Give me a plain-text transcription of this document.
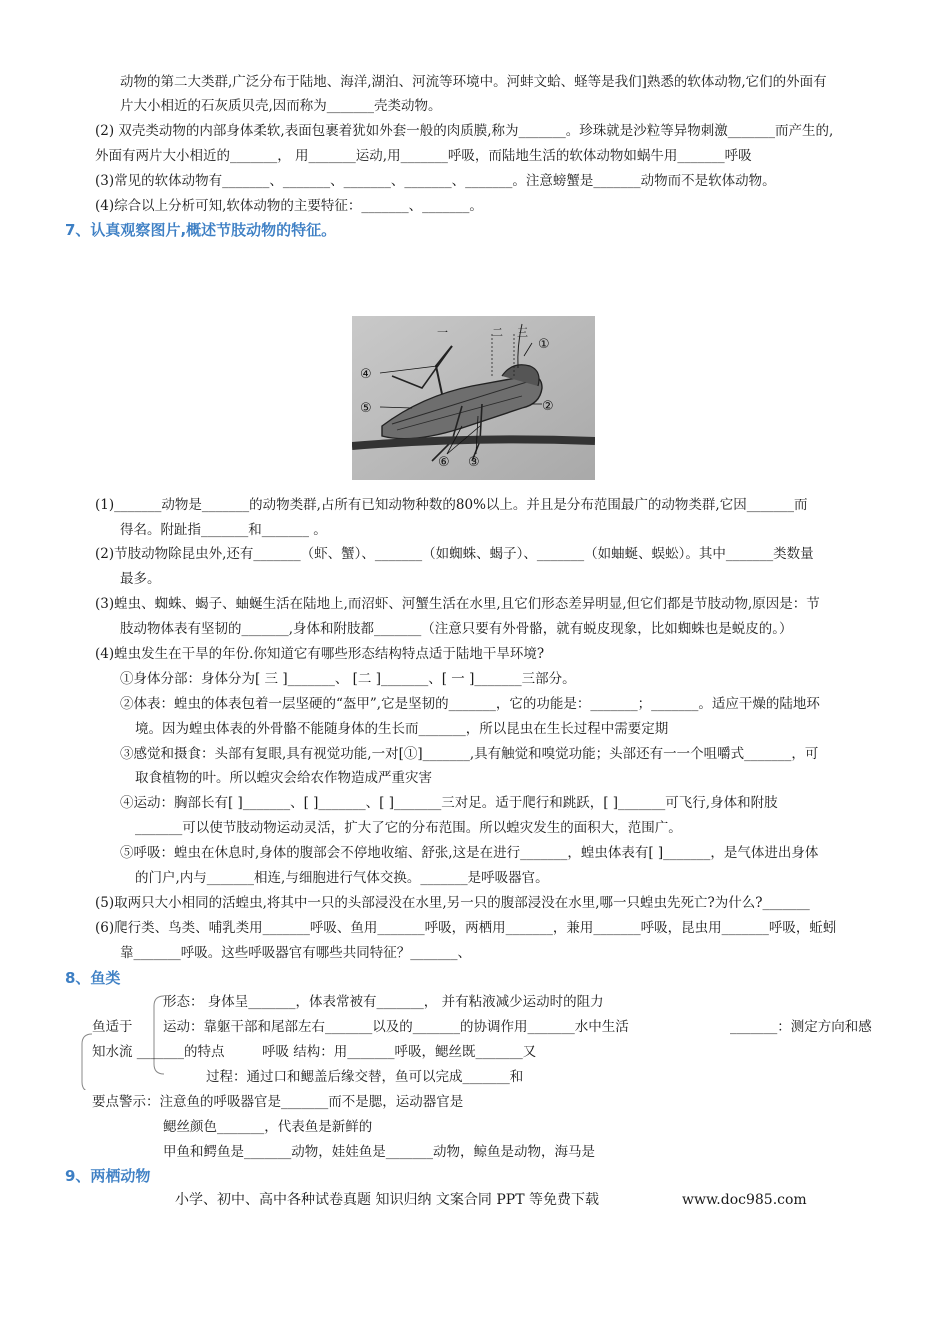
动物的第二大类群,广泛分布于陆地、海洋,湖泊、河流等环境中。河蚌文蛤、蛏等是我们]熟悉的软体动物,它们的外面有
片大小相近的石灰质贝壳,因而称为_______壳类动物。
(2) 双壳类动物的内部身体柔软,表面包裹着犹如外套一般的肉质膜,称为_______。珍珠就是沙粒等异物刺激_______而产生的,
外面有两片大小相近的_______， 用_______运动,用_______呼吸，而陆地生活的软体动物如蜗牛用_______呼吸
(3)常见的软体动物有_______、_______、_______、_______、_______。注意螃蟹是_______动物而不是软体动物。
(4)综合以上分析可知,软体动物的主要特征：_______、_______。
7、认真观察图片,概述节肢动物的特征。
一	二 三
①
②
③
④
⑤
⑥
(1)_______动物是_______的动物类群,占所有已知动物种数的80%以上。并且是分布范围最广的动物类群,它因_______而
得名。附趾指_______和_______ 。
(2)节肢动物除昆虫外,还有_______（虾、蟹）、_______（如蜘蛛、蝎子）、_______（如蚰蜒、蜈蚣）。其中_______类数量
最多。
(3)蝗虫、蜘蛛、蝎子、蚰蜒生活在陆地上,而沼虾、河蟹生活在水里,且它们形态差异明显,但它们都是节肢动物,原因是：节
肢动物体表有坚韧的_______,身体和附肢都_______（注意只要有外骨骼，就有蜕皮现象，比如蜘蛛也是蜕皮的。）
(4)蝗虫发生在干旱的年份.你知道它有哪些形态结构特点适于陆地干旱环境?
①身体分部：身体分为[ 三 ]_______、 [二 ]_______、[ 一 ]_______三部分。
②体表：蝗虫的体表包着一层坚硬的“盔甲”,它是坚韧的_______，它的功能是：_______；_______。适应干燥的陆地环
境。因为蝗虫体表的外骨骼不能随身体的生长而_______，所以昆虫在生长过程中需要定期
③感觉和摄食：头部有复眼,具有视觉功能,一对[①]_______,具有触觉和嗅觉功能；头部还有一一个咀嚼式_______，可
取食植物的叶。所以蝗灾会给农作物造成严重灾害
④运动：胸部长有[ ]_______、[ ]_______、[ ]_______三对足。适于爬行和跳跃，[ ]_______可飞行,身体和附肢
_______可以使节肢动物运动灵活，扩大了它的分布范围。所以蝗灾发生的面积大，范围广。
⑤呼吸：蝗虫在休息时,身体的腹部会不停地收缩、舒张,这是在进行_______，蝗虫体表有[ ]_______，是气体进出身体
的门户,内与_______相连,与细胞进行气体交换。_______是呼吸器官。
(5)取两只大小相同的活蝗虫,将其中一只的头部浸没在水里,另一只的腹部浸没在水里,哪一只蝗虫先死亡?为什么?_______
(6)爬行类、鸟类、哺乳类用_______呼吸、鱼用_______呼吸，两栖用_______，兼用_______呼吸，昆虫用_______呼吸，蚯蚓
靠_______呼吸。这些呼吸器官有哪些共同特征？_______、
8、鱼类
形态： 身体呈_______，体表常被有_______， 并有粘液减少运动时的阻力
运动：靠躯干部和尾部左右_______以及的_______的协调作用_______水中生活	_______：测定方向和感
鱼适于
知水流 _______的特点	呼吸 结构：用_______呼吸，鳃丝既_______又
过程：通过口和鳃盖后缘交替，鱼可以完成_______和
要点警示：注意鱼的呼吸器官是_______而不是腮，运动器官是
鳃丝颜色_______，代表鱼是新鲜的
甲鱼和鳄鱼是_______动物，娃娃鱼是_______动物，鲸鱼是动物，海马是
9、两栖动物
小学、初中、高中各种试卷真题 知识归纳 文案合同 PPT 等免费下载	www.doc985.com
